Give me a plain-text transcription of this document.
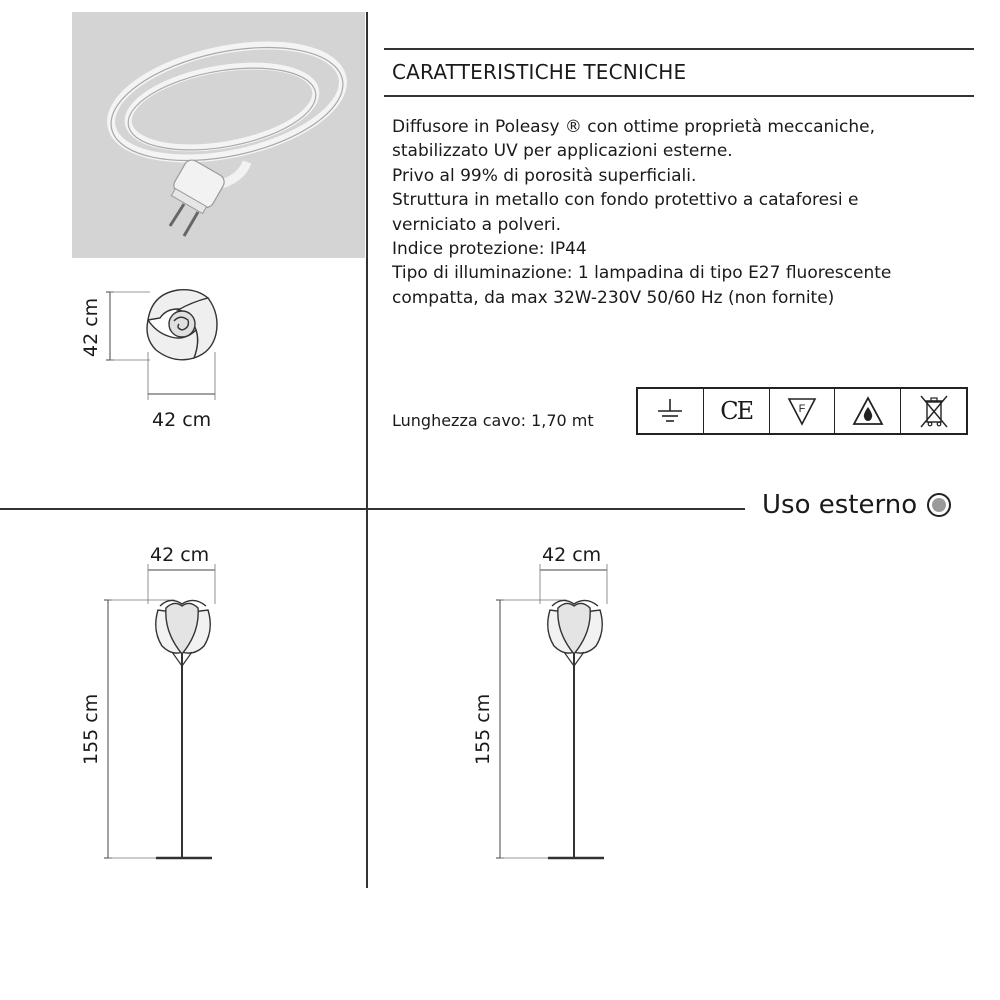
CARATTERISTICHE TECNICHE
Diffusore in Poleasy ® con ottime proprietà meccaniche,
stabilizzato UV per applicazioni esterne.
Privo al 99% di porosità superficiali.
Struttura in metallo con fondo protettivo a cataforesi e
verniciato a polveri.
Indice protezione: IP44
Tipo di illuminazione: 1 lampadina di tipo E27 fluorescente
compatta, da max 32W-230V 50/60 Hz (non fornite)
Lunghezza cavo: 1,70 mt	CE	F
Uso esterno
42 cm
42 cm
42 cm
155 cm
42 cm
155 cm
